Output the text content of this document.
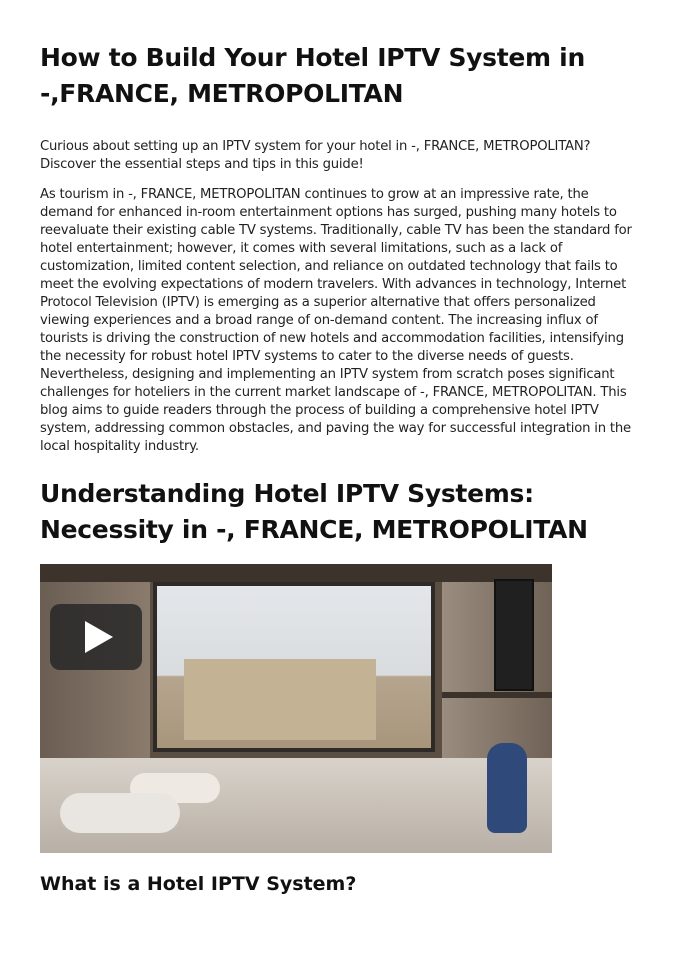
How to Build Your Hotel IPTV System in -,FRANCE, METROPOLITAN

Curious about setting up an IPTV system for your hotel in -, FRANCE, METROPOLITAN? Discover the essential steps and tips in this guide!

As tourism in -, FRANCE, METROPOLITAN continues to grow at an impressive rate, the demand for enhanced in-room entertainment options has surged, pushing many hotels to reevaluate their existing cable TV systems. Traditionally, cable TV has been the standard for hotel entertainment; however, it comes with several limitations, such as a lack of customization, limited content selection, and reliance on outdated technology that fails to meet the evolving expectations of modern travelers. With advances in technology, Internet Protocol Television (IPTV) is emerging as a superior alternative that offers personalized viewing experiences and a broad range of on-demand content. The increasing influx of tourists is driving the construction of new hotels and accommodation facilities, intensifying the necessity for robust hotel IPTV systems to cater to the diverse needs of guests. Nevertheless, designing and implementing an IPTV system from scratch poses significant challenges for hoteliers in the current market landscape of -, FRANCE, METROPOLITAN. This blog aims to guide readers through the process of building a comprehensive hotel IPTV system, addressing common obstacles, and paving the way for successful integration in the local hospitality industry.

Understanding Hotel IPTV Systems: Necessity in -, FRANCE, METROPOLITAN
What is a Hotel IPTV System?
